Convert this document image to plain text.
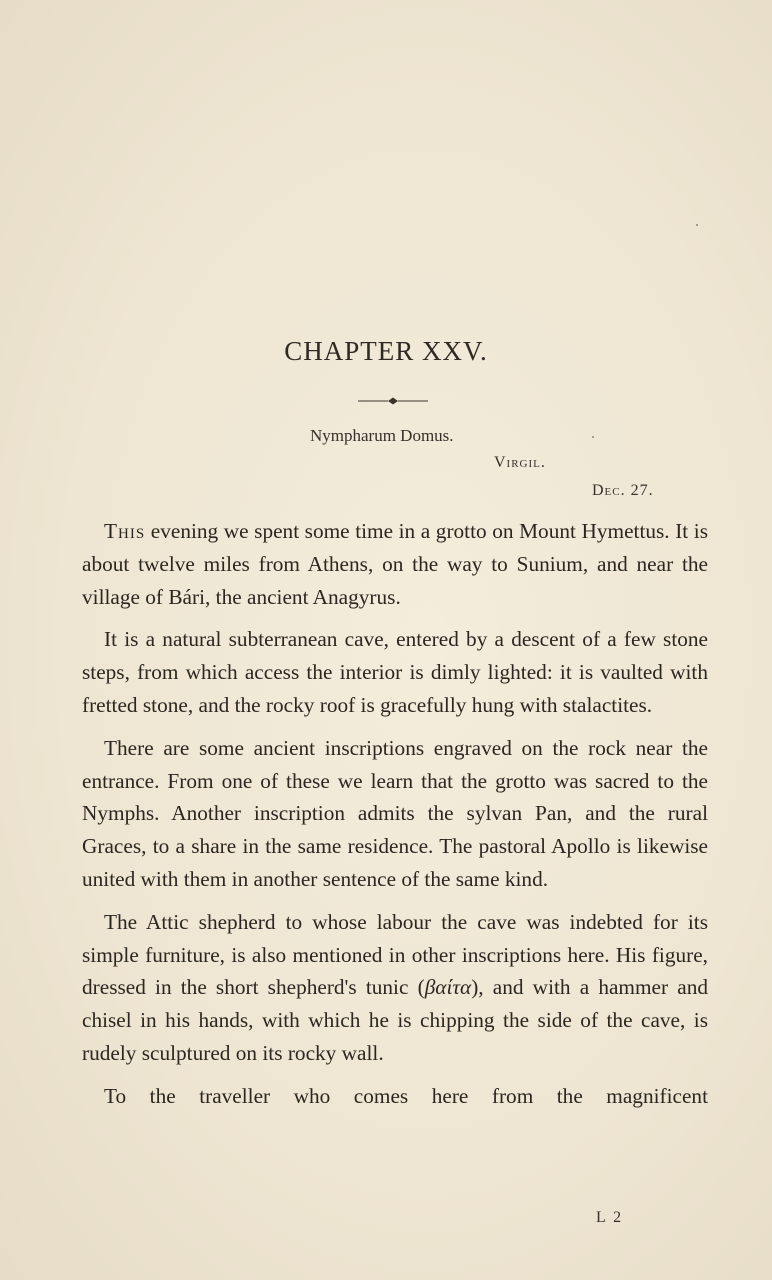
CHAPTER XXV.
Nympharum Domus.
Virgil.
Dec. 27.

This evening we spent some time in a grotto on Mount Hymettus. It is about twelve miles from Athens, on the way to Sunium, and near the village of Bári, the ancient Anagyrus.

It is a natural subterranean cave, entered by a descent of a few stone steps, from which access the interior is dimly lighted: it is vaulted with fretted stone, and the rocky roof is gracefully hung with stalactites.

There are some ancient inscriptions engraved on the rock near the entrance. From one of these we learn that the grotto was sacred to the Nymphs. Another inscription admits the sylvan Pan, and the rural Graces, to a share in the same residence. The pastoral Apollo is likewise united with them in another sentence of the same kind.

The Attic shepherd to whose labour the cave was indebted for its simple furniture, is also mentioned in other inscriptions here. His figure, dressed in the short shepherd's tunic (βαίτα), and with a hammer and chisel in his hands, with which he is chipping the side of the cave, is rudely sculptured on its rocky wall.

To the traveller who comes here from the magnificent

L 2
